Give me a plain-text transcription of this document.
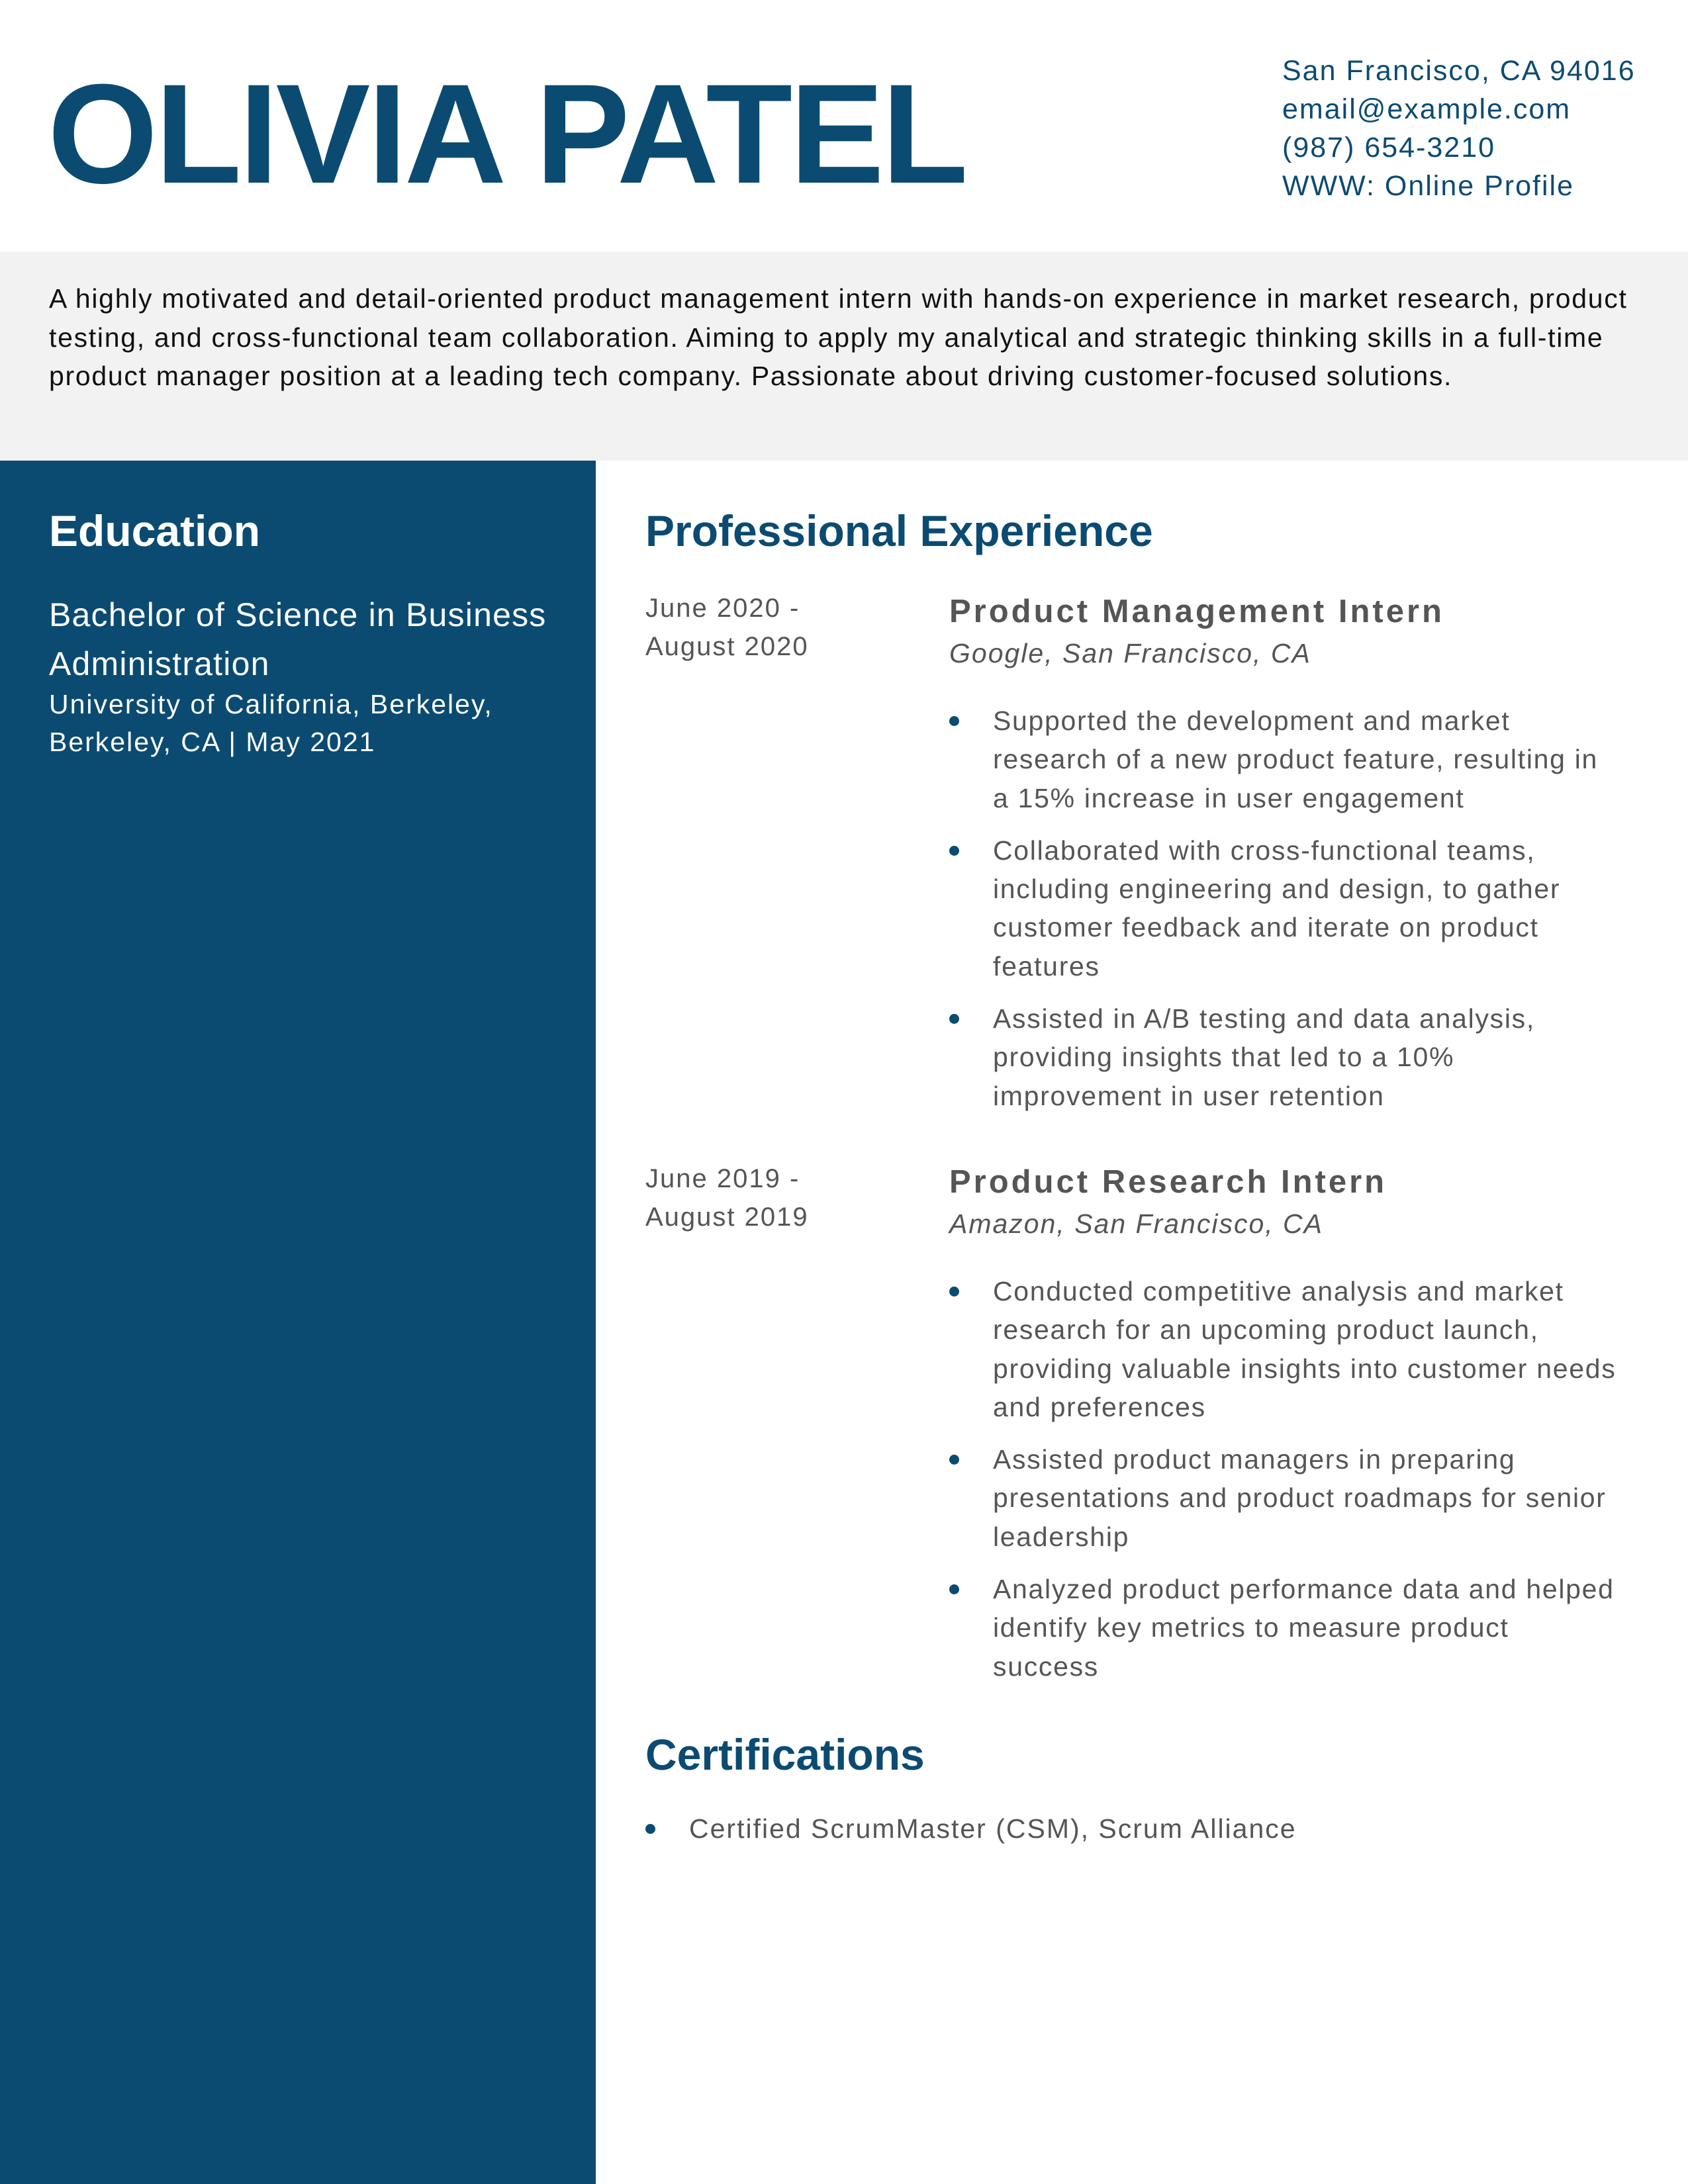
OLIVIA PATEL	San Francisco, CA 94016
email@example.com
(987) 654-3210
WWW: Online Profile

A highly motivated and detail-oriented product management intern with hands-on experience in market research, product testing, and cross-functional team collaboration. Aiming to apply my analytical and strategic thinking skills in a full-time product manager position at a leading tech company. Passionate about driving customer-focused solutions.

Education
Bachelor of Science in Business Administration
University of California, Berkeley, Berkeley, CA | May 2021
Professional Experience
June 2020 - August 2020
Product Management Intern
Google, San Francisco, CA
Supported the development and market research of a new product feature, resulting in a 15% increase in user engagement
Collaborated with cross-functional teams, including engineering and design, to gather customer feedback and iterate on product features
Assisted in A/B testing and data analysis, providing insights that led to a 10% improvement in user retention
June 2019 - August 2019
Product Research Intern
Amazon, San Francisco, CA
Conducted competitive analysis and market research for an upcoming product launch, providing valuable insights into customer needs and preferences
Assisted product managers in preparing presentations and product roadmaps for senior leadership
Analyzed product performance data and helped identify key metrics to measure product success
Certifications
Certified ScrumMaster (CSM), Scrum Alliance
